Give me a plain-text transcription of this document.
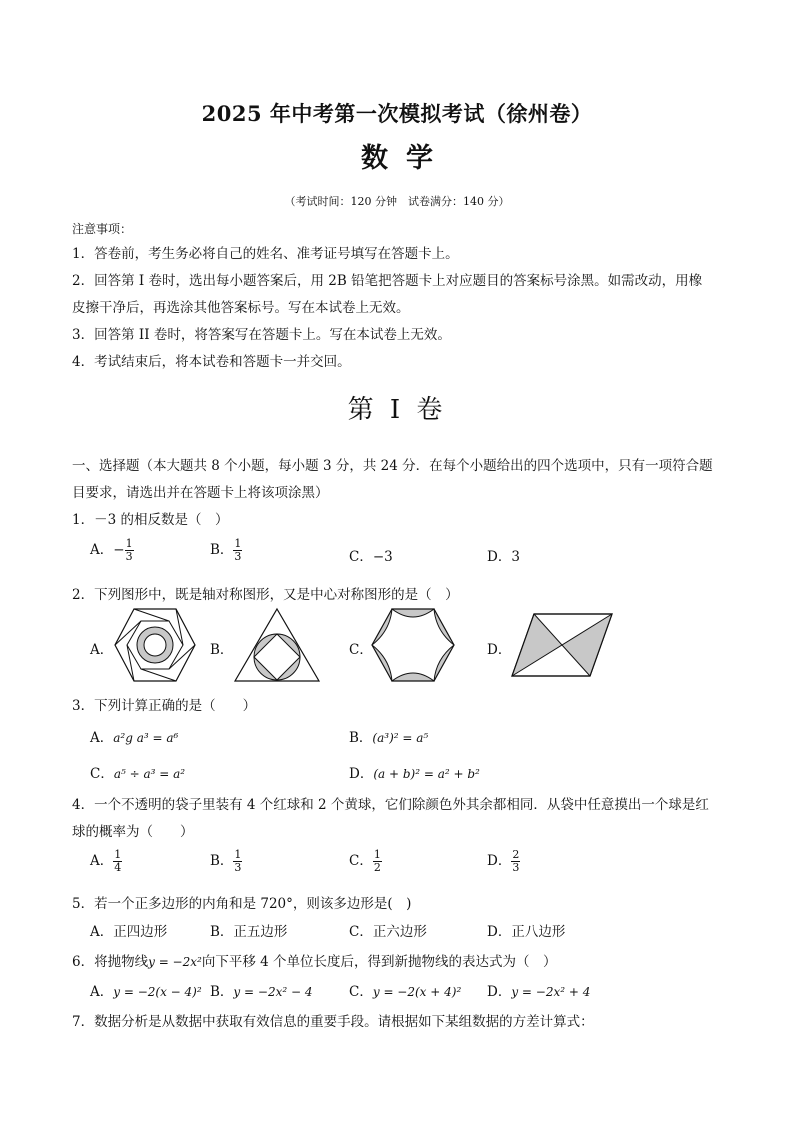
2025 年中考第一次模拟考试（徐州卷）
数学
（考试时间：120 分钟　试卷满分：140 分）
注意事项：
1．答卷前，考生务必将自己的姓名、准考证号填写在答题卡上。
2．回答第 I 卷时，选出每小题答案后，用 2B 铅笔把答题卡上对应题目的答案标号涂黑。如需改动，用橡
皮擦干净后，再选涂其他答案标号。写在本试卷上无效。
3．回答第 II 卷时，将答案写在答题卡上。写在本试卷上无效。
4．考试结束后，将本试卷和答题卡一并交回。
第 I 卷
一、选择题（本大题共 8 个小题，每小题 3 分，共 24 分．在每个小题给出的四个选项中，只有一项符合题
目要求，请选出并在答题卡上将该项涂黑）
1．－3 的相反数是（　）
A．− $\frac{1}{3}$	B． $\frac{1}{3}$	C．−3	D．3
2．下列图形中，既是轴对称图形，又是中心对称图形的是（　）
A．	B．	C．	D．
3．下列计算正确的是（　　）
A．a²g a³ = a⁶	B．(a³)² = a⁵
C．a⁵ ÷ a³ = a²	D．(a + b)² = a² + b²
4．一个不透明的袋子里装有 4 个红球和 2 个黄球，它们除颜色外其余都相同．从袋中任意摸出一个球是红
球的概率为（　　）
A． $\frac{1}{4}$	B． $\frac{1}{3}$	C． $\frac{1}{2}$	D． $\frac{2}{3}$
5．若一个正多边形的内角和是 720°，则该多边形是(　)
A．正四边形	B．正五边形	C．正六边形	D．正八边形
6．将抛物线y = −2x²向下平移 4 个单位长度后，得到新抛物线的表达式为（　）
A．y = −2(x − 4)² B．y = −2x² − 4	C．y = −2(x + 4)² D．y = −2x² + 4
7．数据分析是从数据中获取有效信息的重要手段。请根据如下某组数据的方差计算式：
